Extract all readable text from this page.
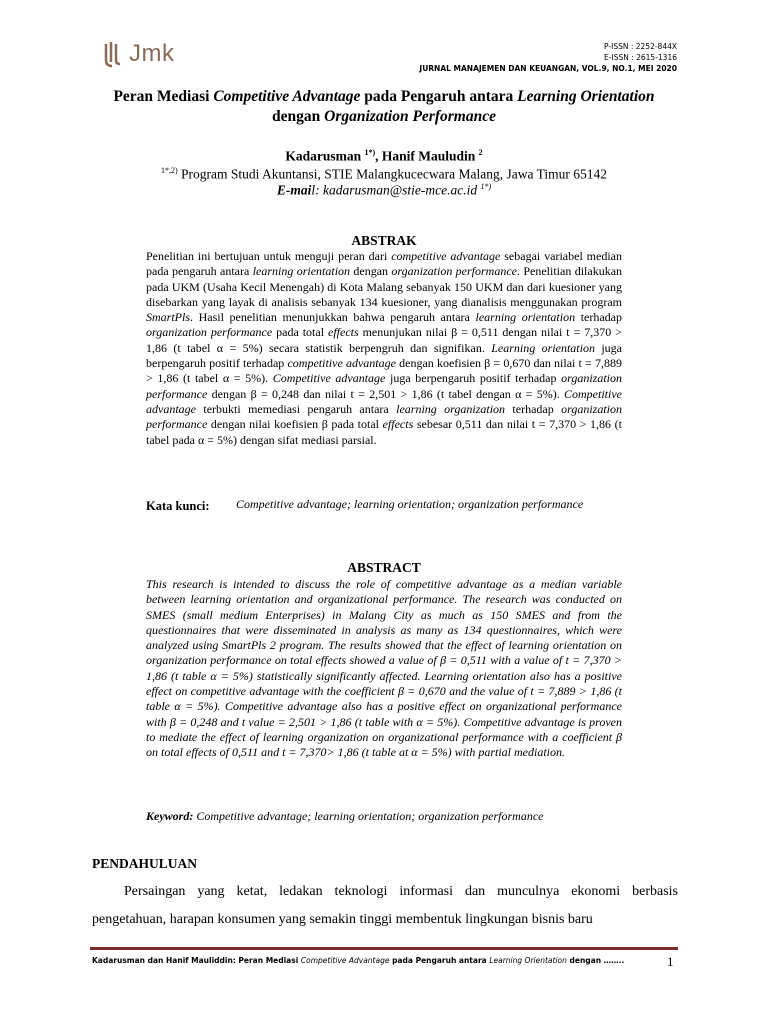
Jmk	P-ISSN : 2252-844X
E-ISSN : 2615-1316
JURNAL MANAJEMEN DAN KEUANGAN, VOL.9, NO.1, MEI 2020
Peran Mediasi Competitive Advantage pada Pengaruh antara Learning Orientation
dengan Organization Performance
Kadarusman $^{1*)}$, Hanif Mauludin $^2$
$^{1*,2)}$ Program Studi Akuntansi, STIE Malangkucecwara Malang, Jawa Timur 65142
E-mail: kadarusman@stie-mce.ac.id $^{1*)}$
ABSTRAK
Penelitian ini bertujuan untuk menguji peran dari competitive advantage sebagai variabel median pada pengaruh antara learning orientation dengan organization performance. Penelitian dilakukan pada UKM (Usaha Kecil Menengah) di Kota Malang sebanyak 150 UKM dan dari kuesioner yang disebarkan yang layak di analisis sebanyak 134 kuesioner, yang dianalisis menggunakan program SmartPls. Hasil penelitian menunjukkan bahwa pengaruh antara learning orientation terhadap organization performance pada total effects menunjukan nilai β = 0,511 dengan nilai t = 7,370 > 1,86 (t tabel α = 5%) secara statistik berpengruh dan signifikan. Learning orientation juga berpengaruh positif terhadap competitive advantage dengan koefisien β = 0,670 dan nilai t = 7,889 > 1,86 (t tabel α = 5%). Competitive advantage juga berpengaruh positif terhadap organization performance dengan β = 0,248 dan nilai t = 2,501 > 1,86 (t tabel dengan α = 5%). Competitive advantage terbukti memediasi pengaruh antara learning organization terhadap organization performance dengan nilai koefisien β pada total effects sebesar 0,511 dan nilai t = 7,370 > 1,86 (t tabel pada α = 5%) dengan sifat mediasi parsial.
Kata kunci: Competitive advantage; learning orientation; organization performance
ABSTRACT
This research is intended to discuss the role of competitive advantage as a median variable between learning orientation and organizational performance. The research was conducted on SMES (small medium Enterprises) in Malang City as much as 150 SMES and from the questionnaires that were disseminated in analysis as many as 134 questionnaires, which were analyzed using SmartPls 2 program. The results showed that the effect of learning orientation on organization performance on total effects showed a value of β = 0,511 with a value of t = 7,370 > 1,86 (t table α = 5%) statistically significantly affected. Learning orientation also has a positive effect on competitive advantage with the coefficient β = 0,670 and the value of t = 7,889 > 1,86 (t table α = 5%). Competitive advantage also has a positive effect on organizational performance with β = 0,248 and t value = 2,501 > 1,86 (t table with α = 5%). Competitive advantage is proven to mediate the effect of learning organization on organizational performance with a coefficient β on total effects of 0,511 and t = 7,370> 1,86 (t table at α = 5%) with partial mediation.
Keyword: Competitive advantage; learning orientation; organization performance
PENDAHULUAN
Persaingan yang ketat, ledakan teknologi informasi dan munculnya ekonomi berbasis pengetahuan, harapan konsumen yang semakin tinggi membentuk lingkungan bisnis baru
Kadarusman dan Hanif Mauliddin: Peran Mediasi Competitive Advantage pada Pengaruh antara Learning Orientation dengan ……..	1
